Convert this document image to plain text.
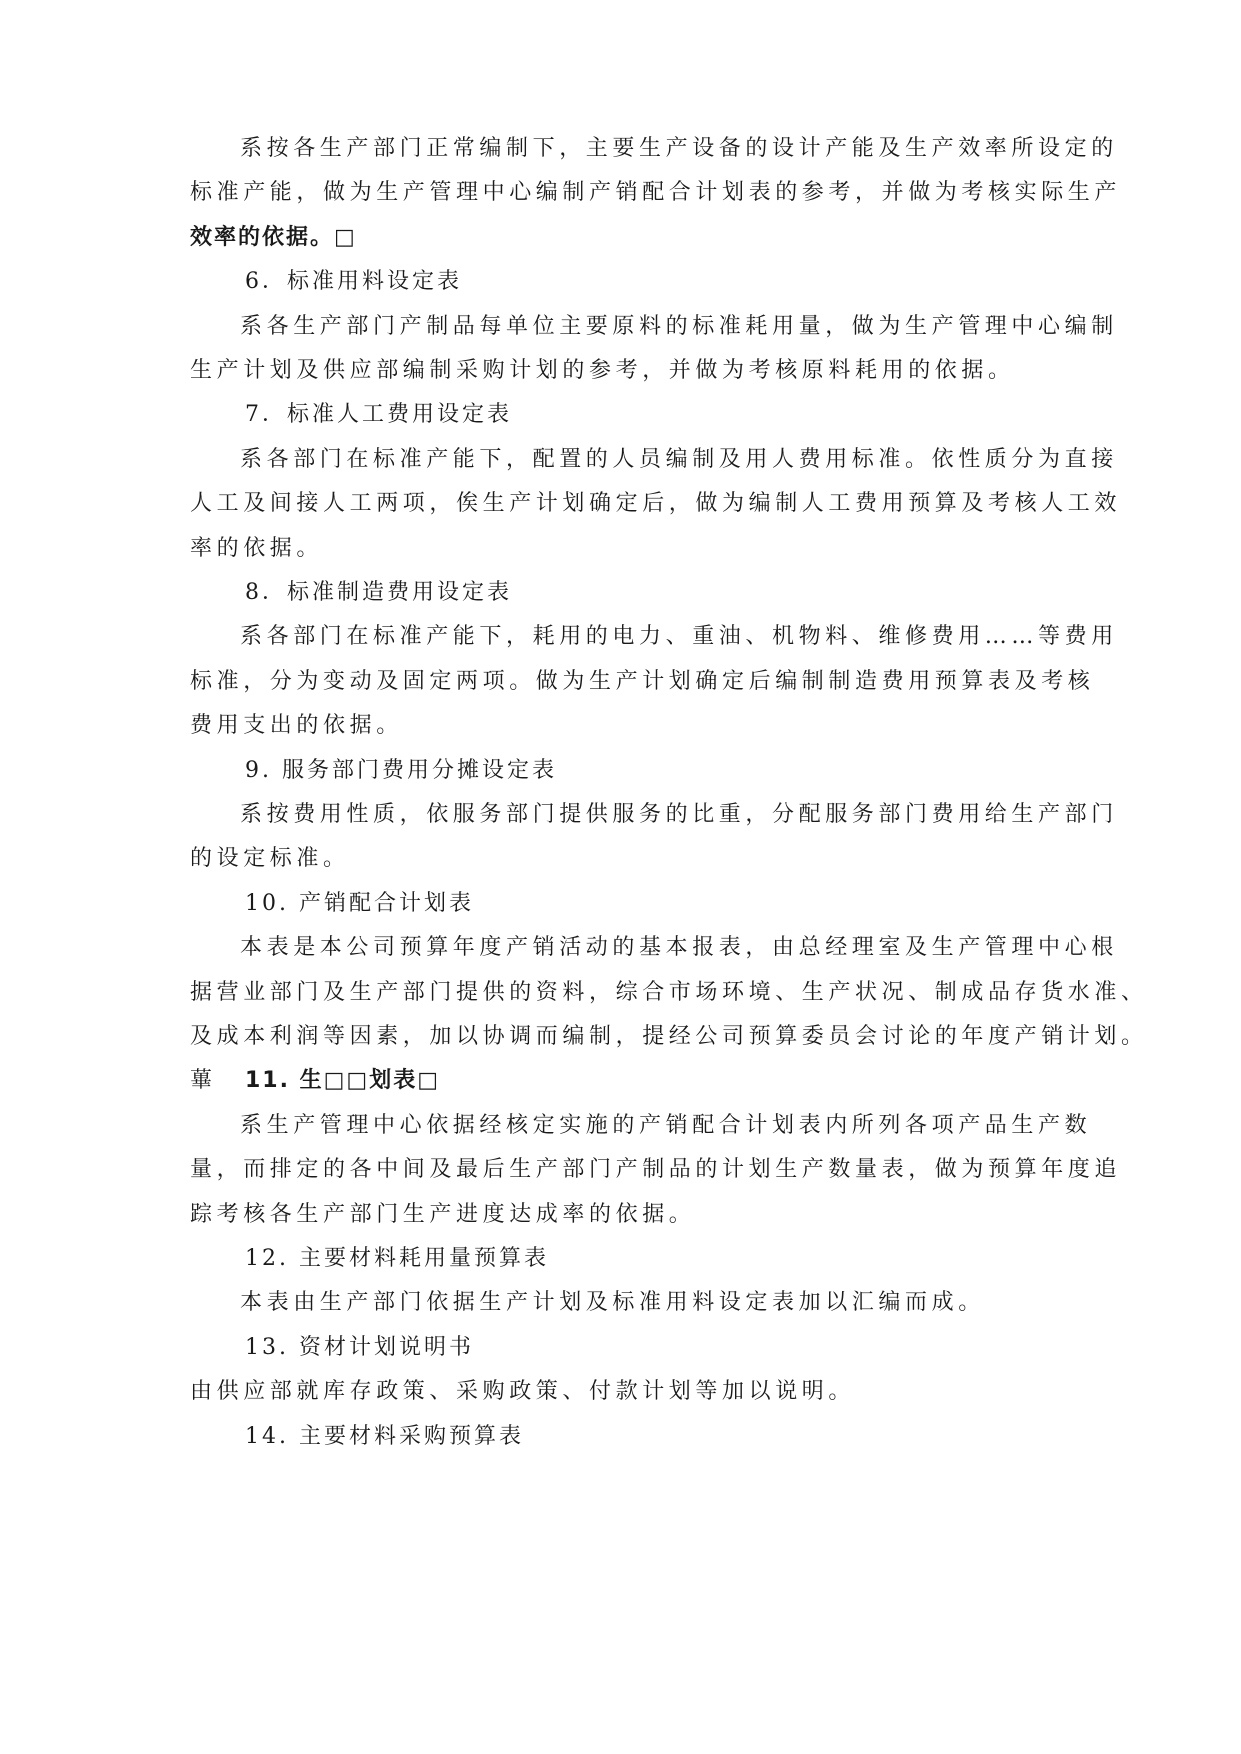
系按各生产部门正常编制下，主要生产设备的设计产能及生产效率所设定的
标准产能，做为生产管理中心编制产销配合计划表的参考，并做为考核实际生产
效率的依据。□
6．标准用料设定表
系各生产部门产制品每单位主要原料的标准耗用量，做为生产管理中心编制
生产计划及供应部编制采购计划的参考，并做为考核原料耗用的依据。
7．标准人工费用设定表
系各部门在标准产能下，配置的人员编制及用人费用标准。依性质分为直接
人工及间接人工两项，俟生产计划确定后，做为编制人工费用预算及考核人工效
率的依据。
8．标准制造费用设定表
系各部门在标准产能下，耗用的电力、重油、机物料、维修费用……等费用
标准，分为变动及固定两项。做为生产计划确定后编制制造费用预算表及考核
费用支出的依据。
9. 服务部门费用分摊设定表
系按费用性质，依服务部门提供服务的比重，分配服务部门费用给生产部门
的设定标准。
10. 产销配合计划表
本表是本公司预算年度产销活动的基本报表，由总经理室及生产管理中心根
据营业部门及生产部门提供的资料，综合市场环境、生产状况、制成品存货水准、
及成本利润等因素，加以协调而编制，提经公司预算委员会讨论的年度产销计划。
蓽 11. 生□□划表□
系生产管理中心依据经核定实施的产销配合计划表内所列各项产品生产数
量，而排定的各中间及最后生产部门产制品的计划生产数量表，做为预算年度追
踪考核各生产部门生产进度达成率的依据。
12. 主要材料耗用量预算表
本表由生产部门依据生产计划及标准用料设定表加以汇编而成。
13. 资材计划说明书
由供应部就库存政策、采购政策、付款计划等加以说明。
14. 主要材料采购预算表
